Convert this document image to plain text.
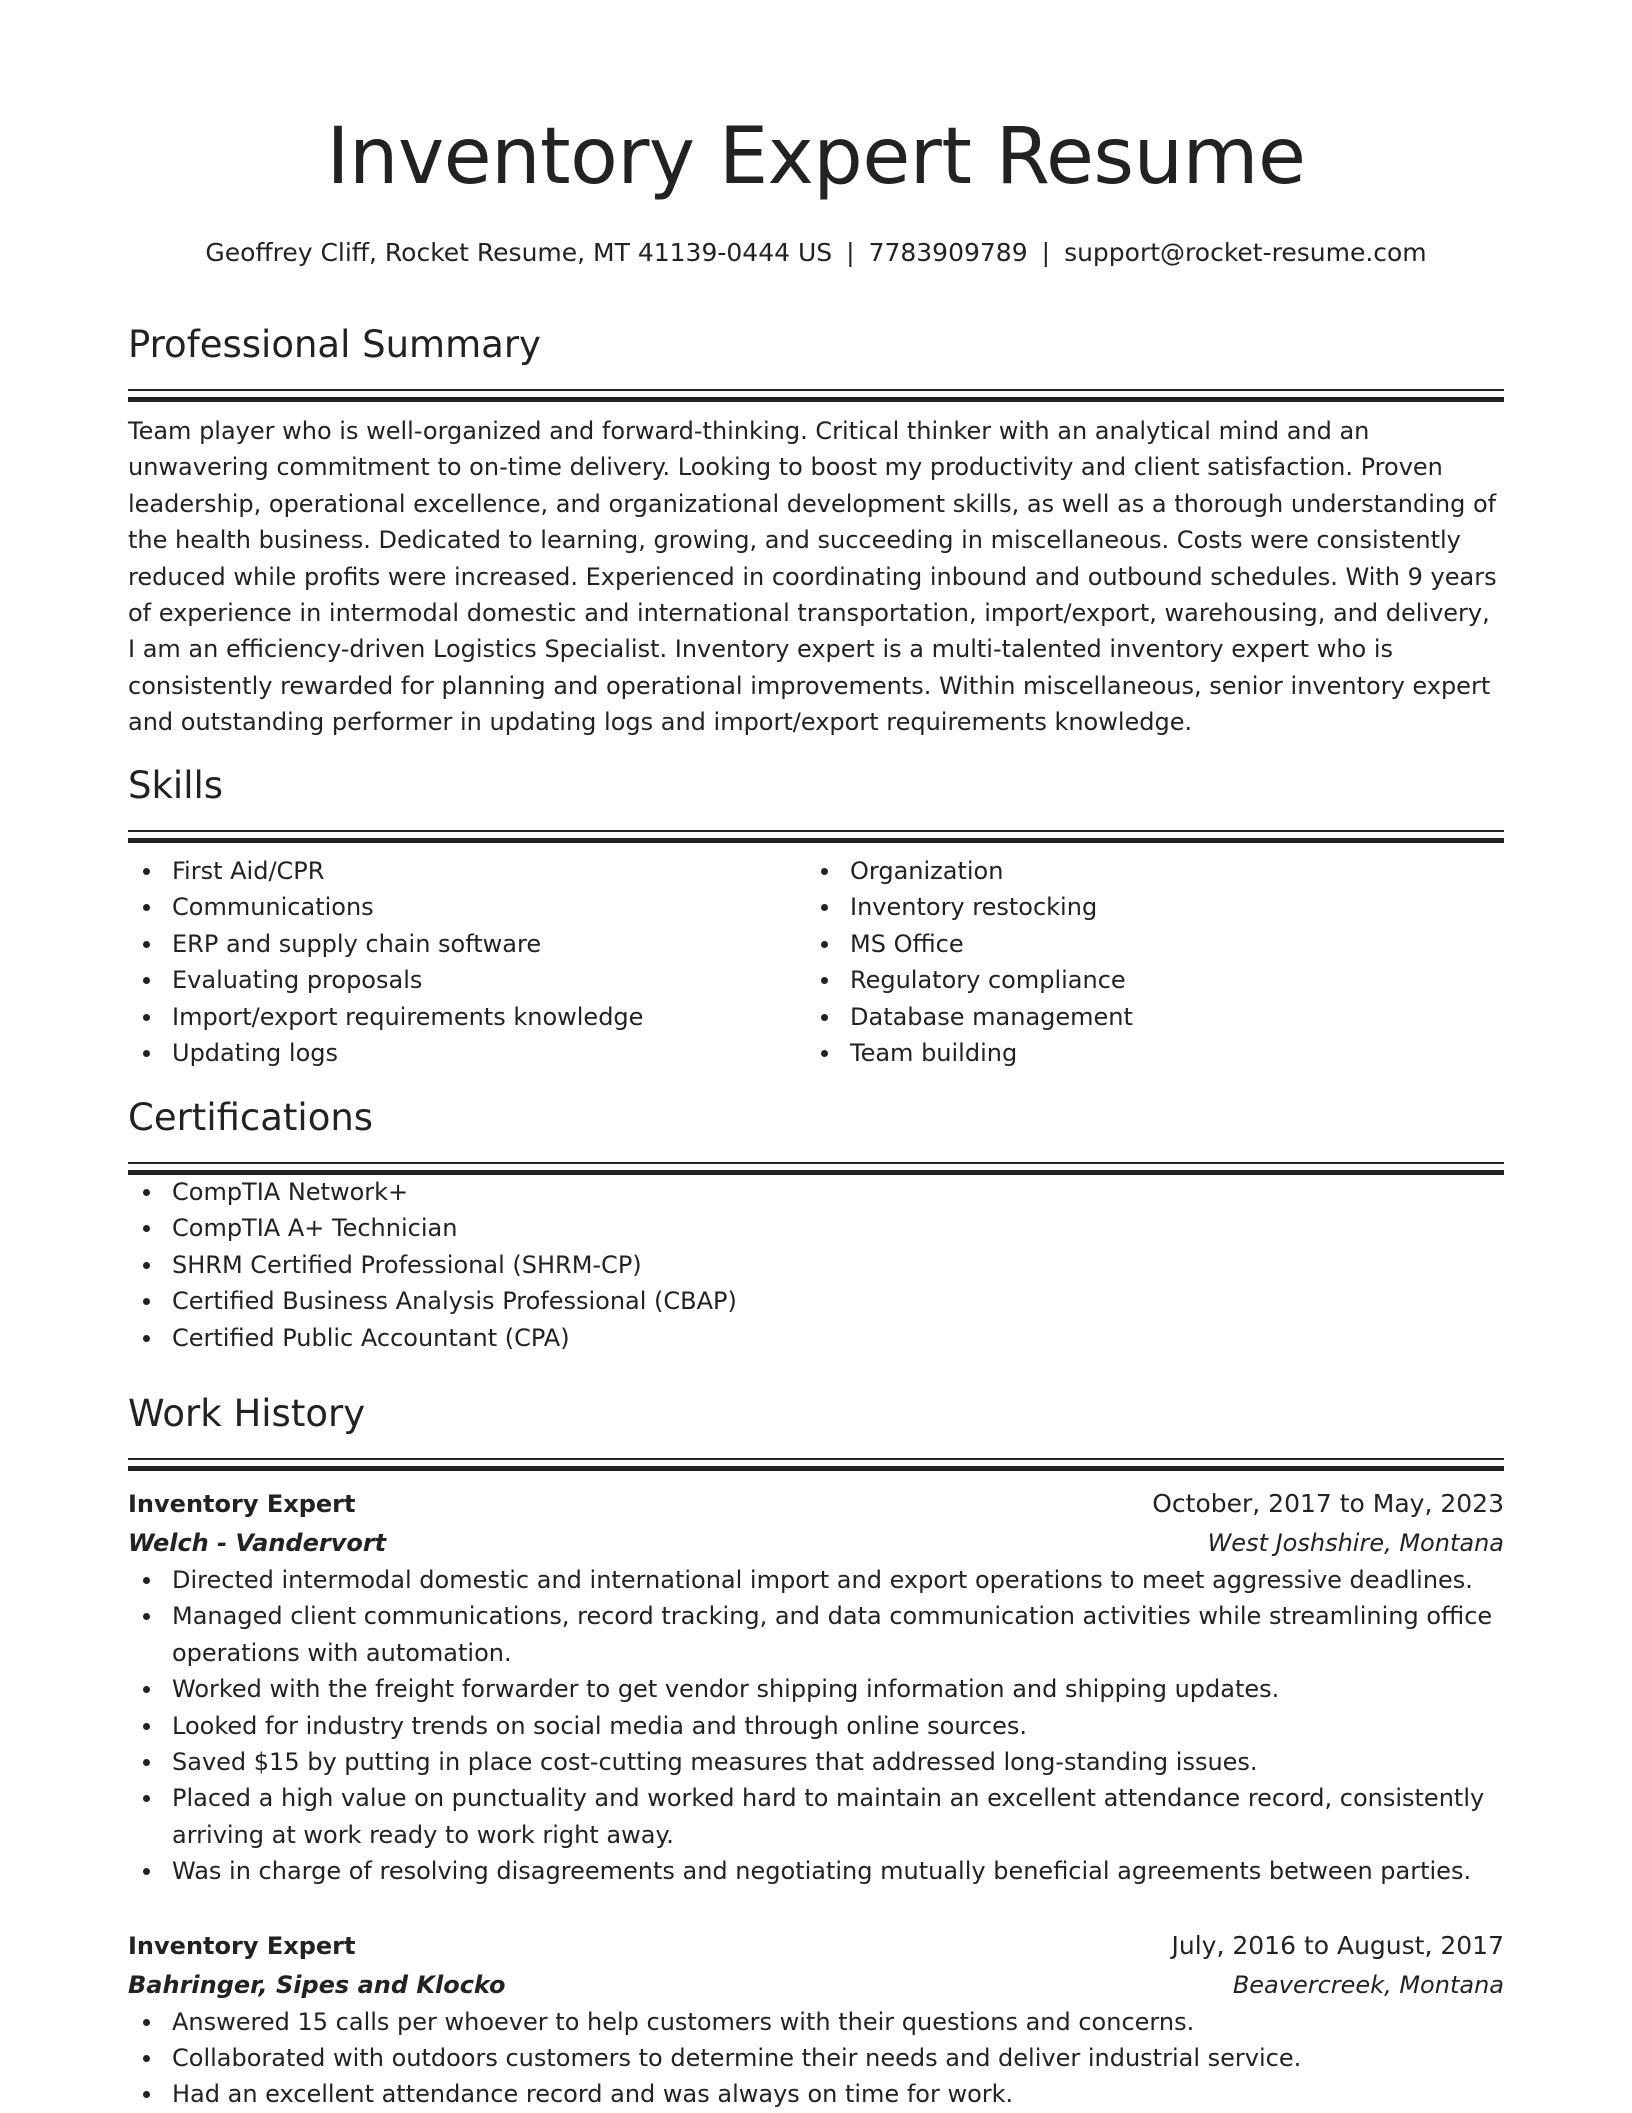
Inventory Expert Resume
Geoffrey Cliff, Rocket Resume, MT 41139-0444 US | 7783909789 | support@rocket-resume.com
Professional Summary

Team player who is well-organized and forward-thinking. Critical thinker with an analytical mind and an unwavering commitment to on-time delivery. Looking to boost my productivity and client satisfaction. Proven leadership, operational excellence, and organizational development skills, as well as a thorough understanding of the health business. Dedicated to learning, growing, and succeeding in miscellaneous. Costs were consistently reduced while profits were increased. Experienced in coordinating inbound and outbound schedules. With 9 years of experience in intermodal domestic and international transportation, import/export, warehousing, and delivery, I am an efficiency-driven Logistics Specialist. Inventory expert is a multi-talented inventory expert who is consistently rewarded for planning and operational improvements. Within miscellaneous, senior inventory expert and outstanding performer in updating logs and import/export requirements knowledge.

Skills
First Aid/CPR
Communications
ERP and supply chain software
Evaluating proposals
Import/export requirements knowledge
Updating logs
Organization
Inventory restocking
MS Office
Regulatory compliance
Database management
Team building
Certifications
CompTIA Network+
CompTIA A+ Technician
SHRM Certified Professional (SHRM-CP)
Certified Business Analysis Professional (CBAP)
Certified Public Accountant (CPA)
Work History
Inventory Expert	October, 2017 to May, 2023
Welch - Vandervort	West Joshshire, Montana
Directed intermodal domestic and international import and export operations to meet aggressive deadlines.
Managed client communications, record tracking, and data communication activities while streamlining office operations with automation.
Worked with the freight forwarder to get vendor shipping information and shipping updates.
Looked for industry trends on social media and through online sources.
Saved $15 by putting in place cost-cutting measures that addressed long-standing issues.
Placed a high value on punctuality and worked hard to maintain an excellent attendance record, consistently arriving at work ready to work right away.
Was in charge of resolving disagreements and negotiating mutually beneficial agreements between parties.
Inventory Expert	July, 2016 to August, 2017
Bahringer, Sipes and Klocko	Beavercreek, Montana
Answered 15 calls per whoever to help customers with their questions and concerns.
Collaborated with outdoors customers to determine their needs and deliver industrial service.
Had an excellent attendance record and was always on time for work.
